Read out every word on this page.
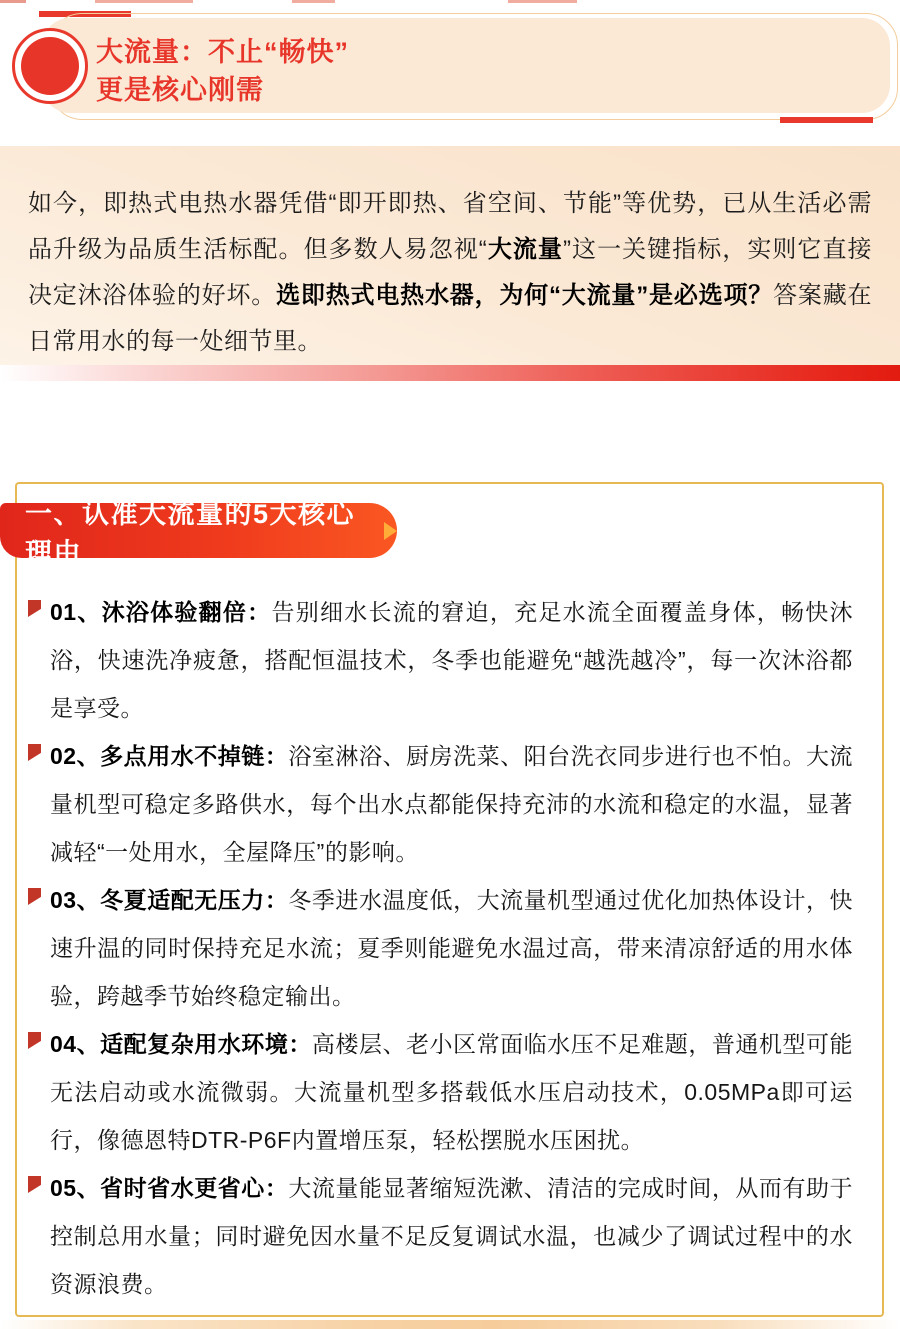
大流量：不止“畅快”
更是核心刚需

如今，即热式电热水器凭借“即开即热、省空间、节能”等优势，已从生活必需品升级为品质生活标配。但多数人易忽视“大流量”这一关键指标，实则它直接决定沐浴体验的好坏。选即热式电热水器，为何“大流量”是必选项？答案藏在日常用水的每一处细节里。

01、沐浴体验翻倍：告别细水长流的窘迫，充足水流全面覆盖身体，畅快沐浴，快速洗净疲惫，搭配恒温技术，冬季也能避免“越洗越冷”，每一次沐浴都是享受。

02、多点用水不掉链：浴室淋浴、厨房洗菜、阳台洗衣同步进行也不怕。大流量机型可稳定多路供水，每个出水点都能保持充沛的水流和稳定的水温，显著减轻“一处用水，全屋降压”的影响。

03、冬夏适配无压力：冬季进水温度低，大流量机型通过优化加热体设计，快速升温的同时保持充足水流；夏季则能避免水温过高，带来清凉舒适的用水体验，跨越季节始终稳定输出。

04、适配复杂用水环境：高楼层、老小区常面临水压不足难题，普通机型可能无法启动或水流微弱。大流量机型多搭载低水压启动技术，0.05MPa即可运行，像德恩特DTR-P6F内置增压泵，轻松摆脱水压困扰。

05、省时省水更省心：大流量能显著缩短洗漱、清洁的完成时间，从而有助于控制总用水量；同时避免因水量不足反复调试水温，也减少了调试过程中的水资源浪费。

一、认准大流量的5大核心理由
